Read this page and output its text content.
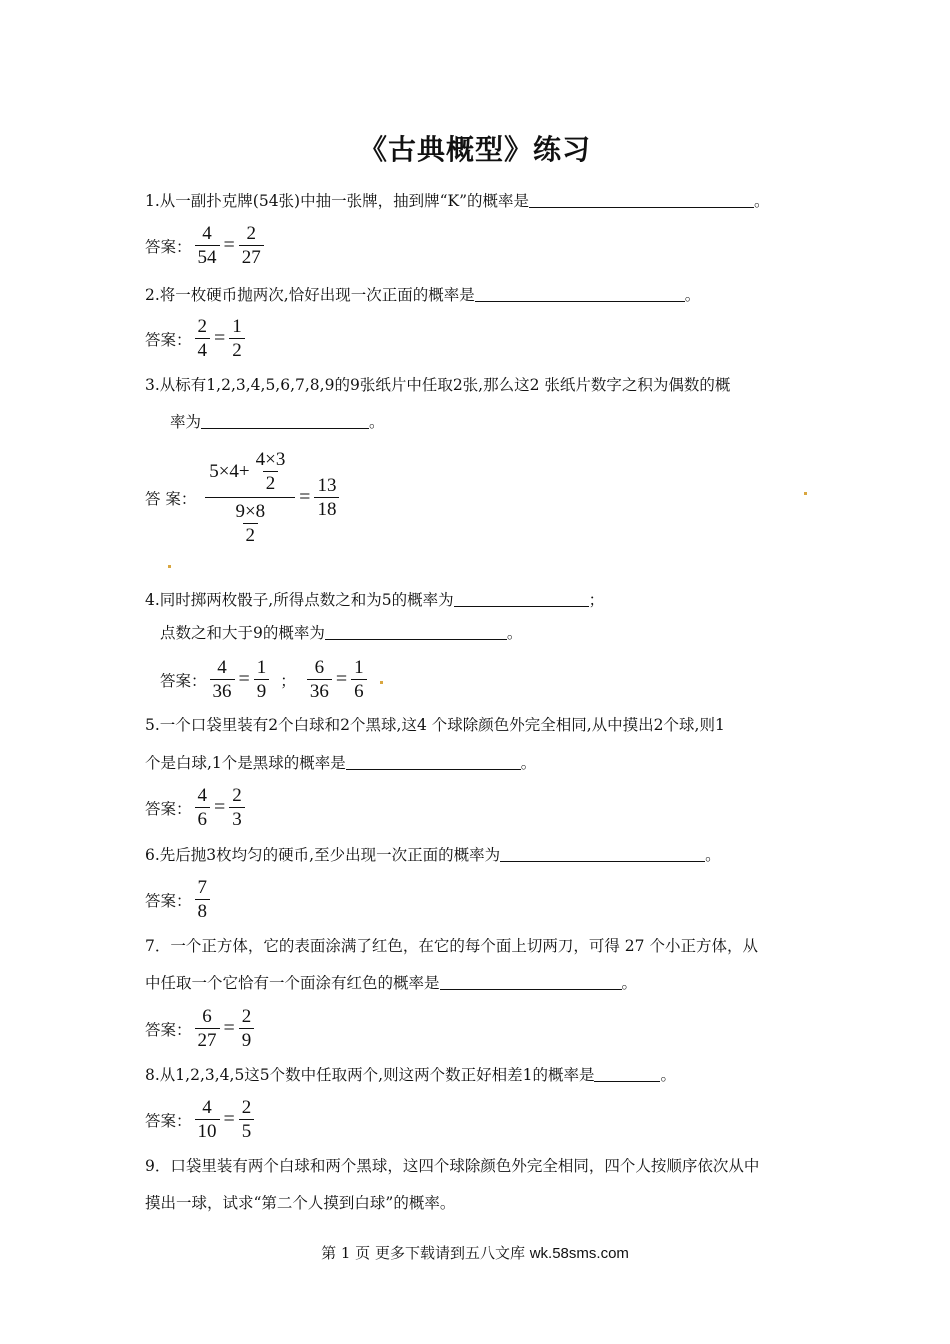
《古典概型》练习
1.从一副扑克牌(54张)中抽一张牌，抽到牌“K”的概率是	。
答案： $\frac{4}{54} = \frac{2}{27}$
2.将一枚硬币抛两次,恰好出现一次正面的概率是	。
答案： $\frac{2}{4} = \frac{1}{2}$
3.从标有1,2,3,4,5,6,7,8,9的9张纸片中任取2张,那么这2 张纸片数字之积为偶数的概
率为	。
答 案： $\frac{5\times 4+ \frac{4\times 3}{2}}{\frac{9\times 8}{2}} = \frac{13}{18}$
4.同时掷两枚骰子,所得点数之和为5的概率为	；
点数之和大于9的概率为	。
答案： $\frac{4}{36} = \frac{1}{9}$ ； $\frac{6}{36} = \frac{1}{6}$
5.一个口袋里装有2个白球和2个黑球,这4 个球除颜色外完全相同,从中摸出2个球,则1
个是白球,1个是黑球的概率是	。
答案： $\frac{4}{6} = \frac{2}{3}$
6.先后抛3枚均匀的硬币,至少出现一次正面的概率为	。
答案： $\frac{7}{8}$
7．一个正方体，它的表面涂满了红色，在它的每个面上切两刀，可得 27 个小正方体，从
中任取一个它恰有一个面涂有红色的概率是	。
答案： $\frac{6}{27} = \frac{2}{9}$
8.从1,2,3,4,5这5个数中任取两个,则这两个数正好相差1的概率是	。
答案： $\frac{4}{10} = \frac{2}{5}$
9．口袋里装有两个白球和两个黑球，这四个球除颜色外完全相同，四个人按顺序依次从中
摸出一球，试求“第二个人摸到白球”的概率。
第 1 页 更多下载请到五八文库 wk.58sms.com
